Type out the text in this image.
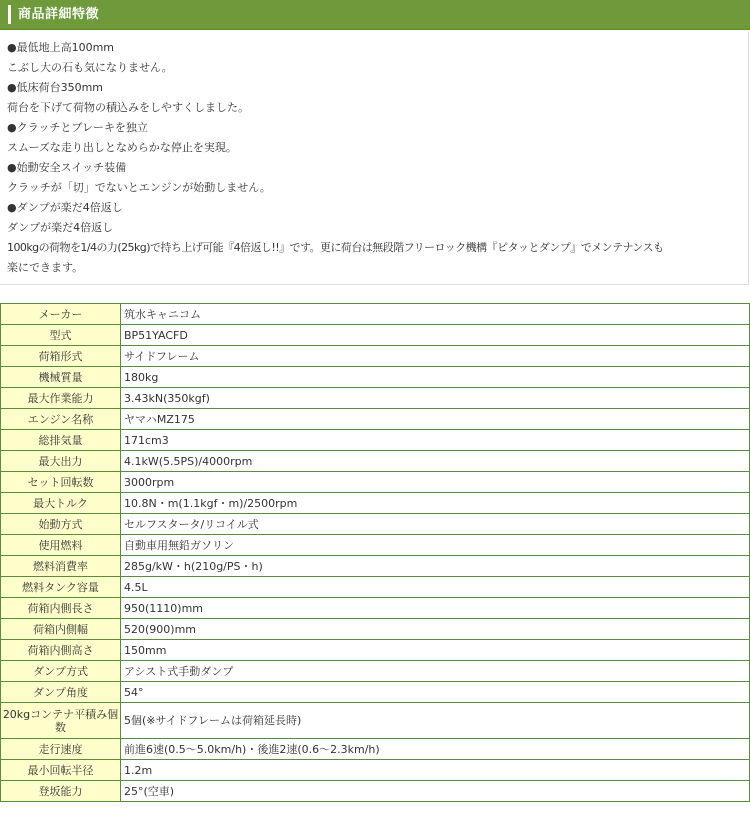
商品詳細特徴
●最低地上高100mm
こぶし大の石も気になりません。
●低床荷台350mm
荷台を下げて荷物の積込みをしやすくしました。
●クラッチとブレーキを独立
スムーズな走り出しとなめらかな停止を実現。
●始動安全スイッチ装備
クラッチが「切」でないとエンジンが始動しません。
●ダンプが楽だ4倍返し
ダンプが楽だ4倍返し
100kgの荷物を1/4の力(25kg)で持ち上げ可能『4倍返し!!』です。更に荷台は無段階フリーロック機構『ピタッとダンプ』でメンテナンスも
楽にできます。
メーカー	筑水キャニコム
型式	BP51YACFD
荷箱形式	サイドフレーム
機械質量	180kg
最大作業能力	3.43kN(350kgf)
エンジン名称	ヤマハMZ175
総排気量	171cm3
最大出力	4.1kW(5.5PS)/4000rpm
セット回転数	3000rpm
最大トルク	10.8N・m(1.1kgf・m)/2500rpm
始動方式	セルフスタータ/リコイル式
使用燃料	自動車用無鉛ガソリン
燃料消費率	285g/kW・h(210g/PS・h)
燃料タンク容量	4.5L
荷箱内側長さ	950(1110)mm
荷箱内側幅	520(900)mm
荷箱内側高さ	150mm
ダンプ方式	アシスト式手動ダンプ
ダンプ角度	54°
20kgコンテナ平積み個数	5個(※サイドフレームは荷箱延長時)
走行速度	前進6速(0.5～5.0km/h)・後進2速(0.6～2.3km/h)
最小回転半径	1.2m
登坂能力	25°(空車)
